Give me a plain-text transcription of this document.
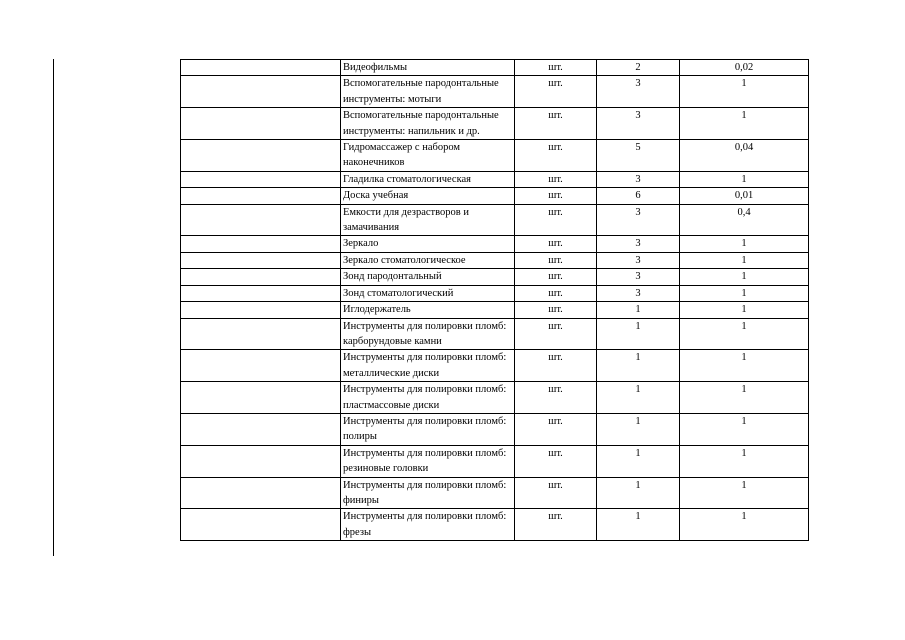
	Видеофильмы	шт.	2	0,02
	Вспомогательные пародонтальные инструменты: мотыги	шт.	3	1
	Вспомогательные пародонтальные инструменты: напильник и др.	шт.	3	1
	Гидромассажер с набором наконечников	шт.	5	0,04
	Гладилка стоматологическая	шт.	3	1
	Доска учебная	шт.	6	0,01
	Емкости для дезрастворов и замачивания	шт.	3	0,4
	Зеркало	шт.	3	1
	Зеркало стоматологическое	шт.	3	1
	Зонд пародонтальный	шт.	3	1
	Зонд стоматологический	шт.	3	1
	Иглодержатель	шт.	1	1
	Инструменты для полировки пломб: карборундовые камни	шт.	1	1
	Инструменты для полировки пломб: металлические диски	шт.	1	1
	Инструменты для полировки пломб: пластмассовые диски	шт.	1	1
	Инструменты для полировки пломб: полиры	шт.	1	1
	Инструменты для полировки пломб: резиновые головки	шт.	1	1
	Инструменты для полировки пломб: финиры	шт.	1	1
	Инструменты для полировки пломб: фрезы	шт.	1	1
